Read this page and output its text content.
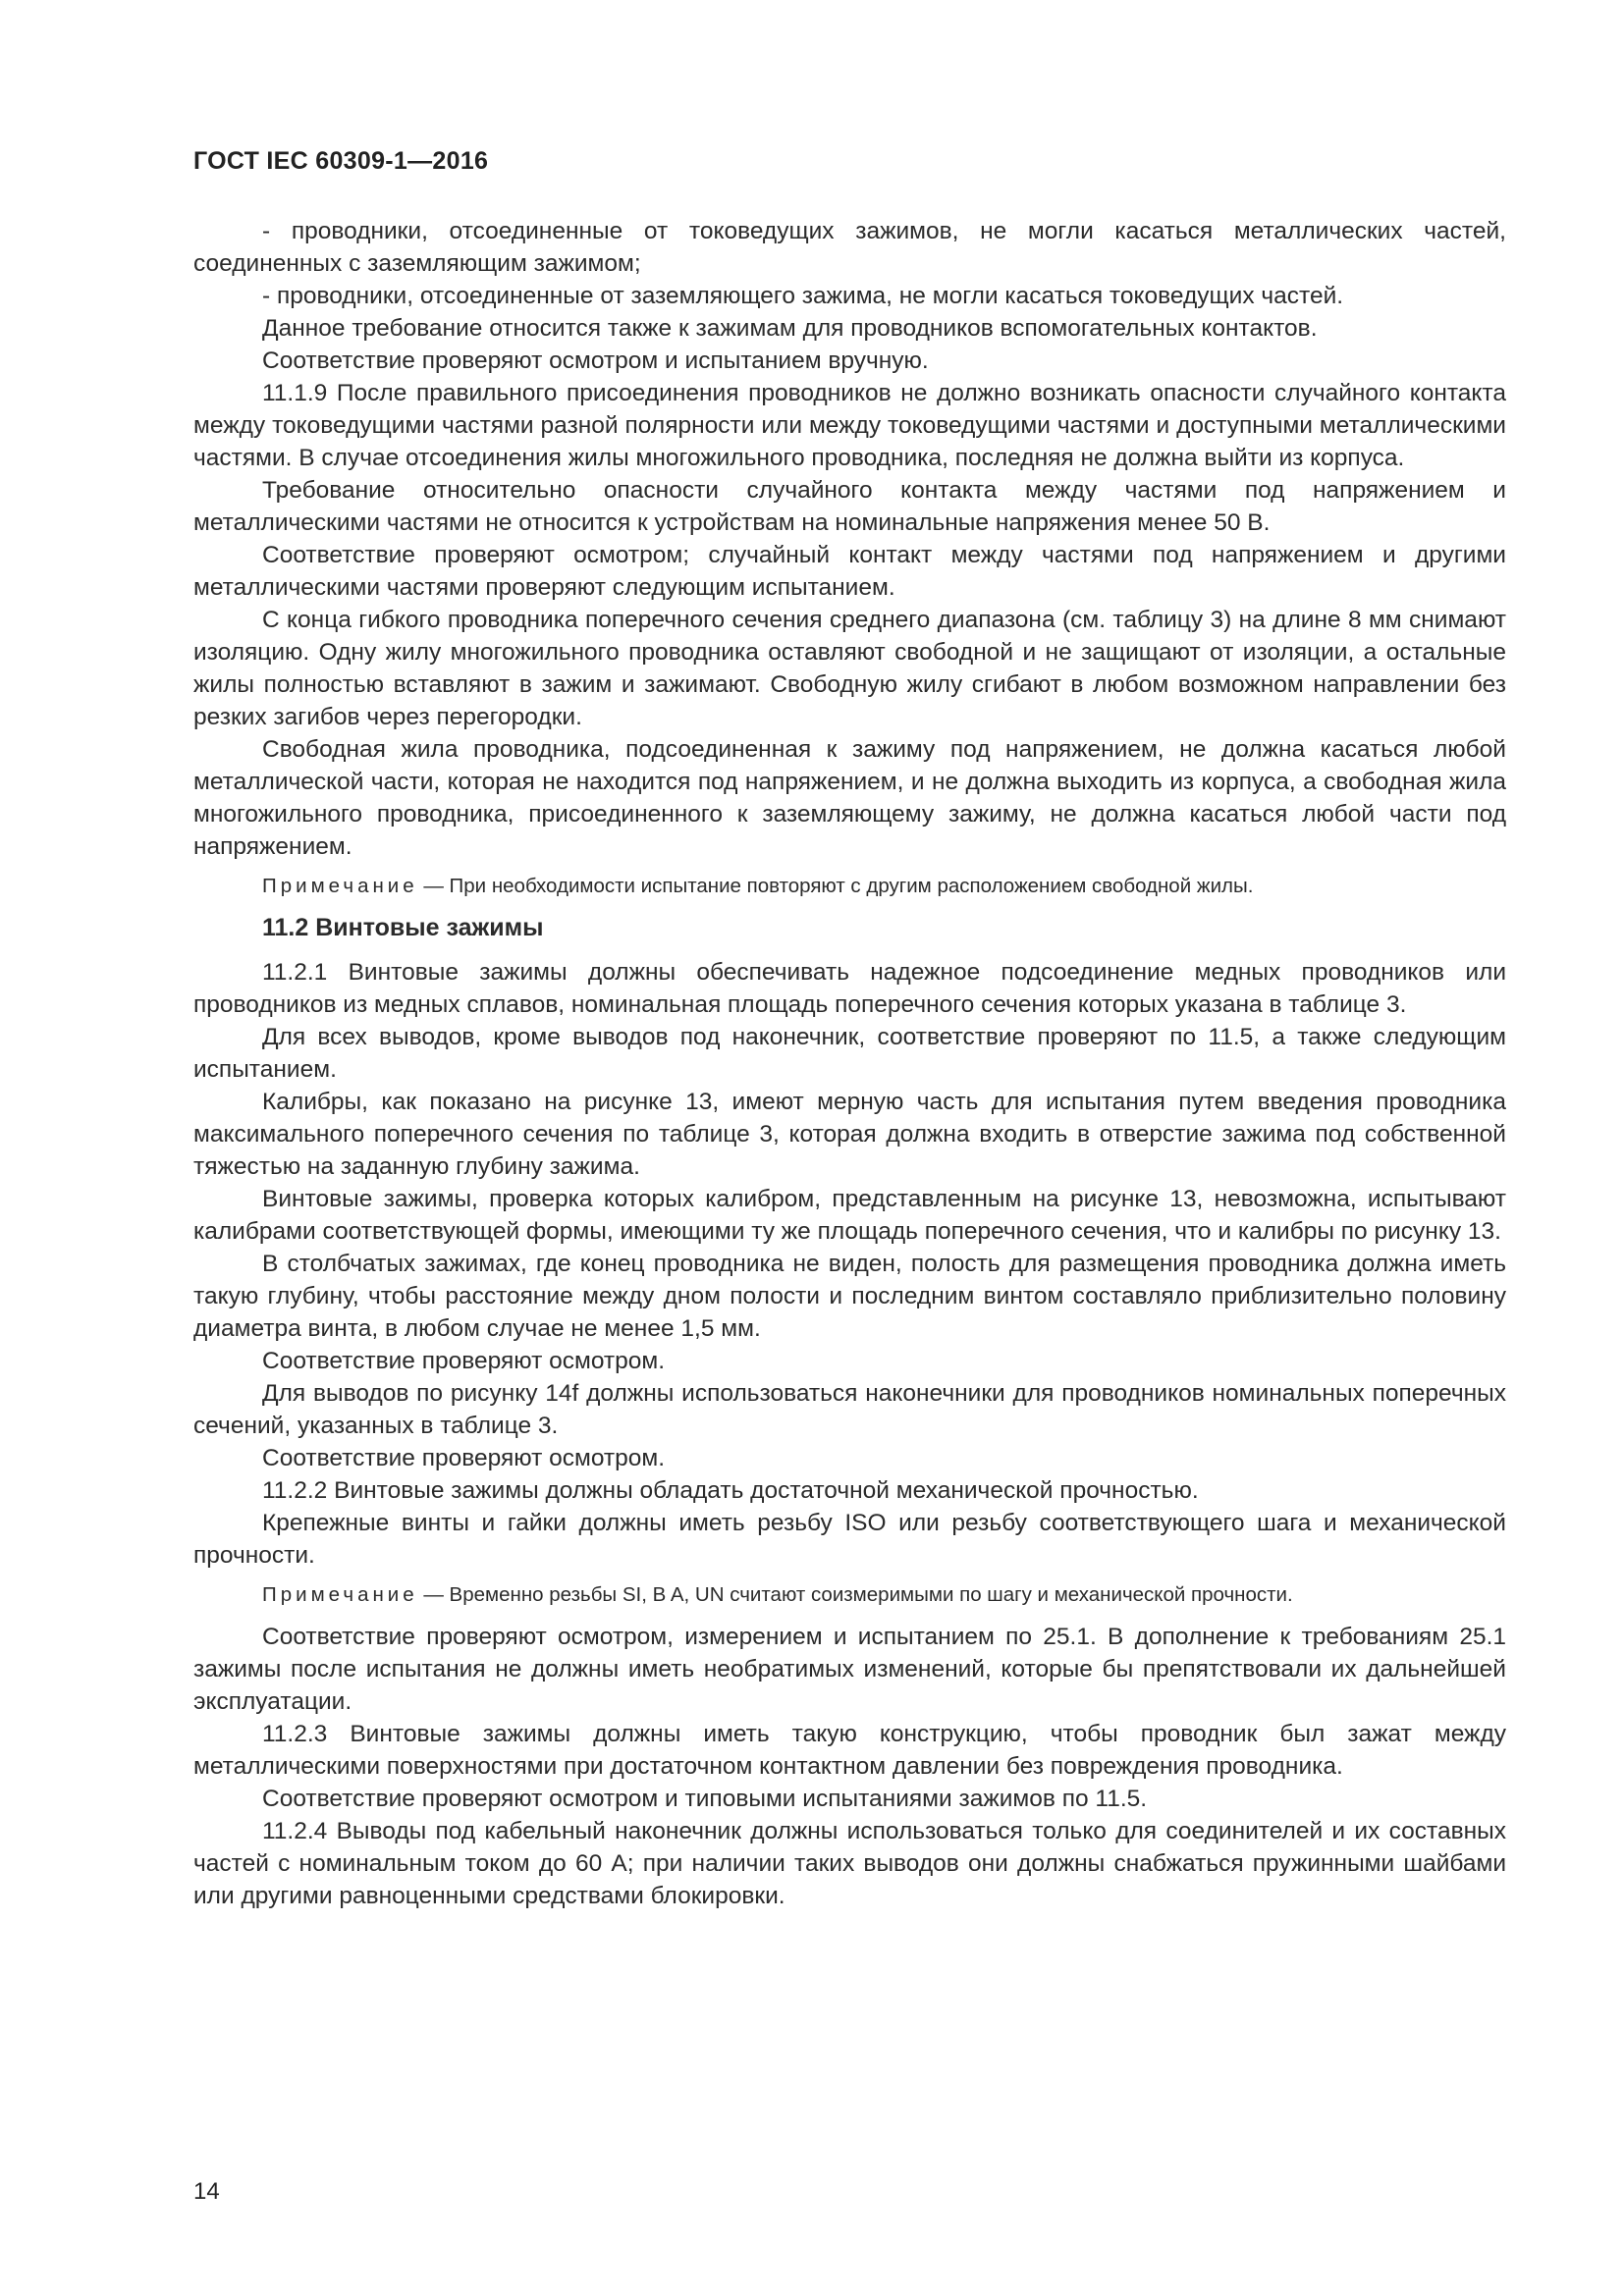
ГОСТ IEC 60309-1—2016

- проводники, отсоединенные от токоведущих зажимов, не могли касаться металлических частей, соединенных с заземляющим зажимом;

- проводники, отсоединенные от заземляющего зажима, не могли касаться токоведущих частей.

Данное требование относится также к зажимам для проводников вспомогательных контактов.

Соответствие проверяют осмотром и испытанием вручную.

11.1.9 После правильного присоединения проводников не должно возникать опасности случайного контакта между токоведущими частями разной полярности или между токоведущими частями и доступными металлическими частями. В случае отсоединения жилы многожильного проводника, последняя не должна выйти из корпуса.

Требование относительно опасности случайного контакта между частями под напряжением и металлическими частями не относится к устройствам на номинальные напряжения менее 50 В.

Соответствие проверяют осмотром; случайный контакт между частями под напряжением и другими металлическими частями проверяют следующим испытанием.

С конца гибкого проводника поперечного сечения среднего диапазона (см. таблицу 3) на длине 8 мм снимают изоляцию. Одну жилу многожильного проводника оставляют свободной и не защищают от изоляции, а остальные жилы полностью вставляют в зажим и зажимают. Свободную жилу сгибают в любом возможном направлении без резких загибов через перегородки.

Свободная жила проводника, подсоединенная к зажиму под напряжением, не должна касаться любой металлической части, которая не находится под напряжением, и не должна выходить из корпуса, а свободная жила многожильного проводника, присоединенного к заземляющему зажиму, не должна касаться любой части под напряжением.

Примечание — При необходимости испытание повторяют с другим расположением свободной жилы.

11.2 Винтовые зажимы

11.2.1 Винтовые зажимы должны обеспечивать надежное подсоединение медных проводников или проводников из медных сплавов, номинальная площадь поперечного сечения которых указана в таблице 3.

Для всех выводов, кроме выводов под наконечник, соответствие проверяют по 11.5, а также следующим испытанием.

Калибры, как показано на рисунке 13, имеют мерную часть для испытания путем введения проводника максимального поперечного сечения по таблице 3, которая должна входить в отверстие зажима под собственной тяжестью на заданную глубину зажима.

Винтовые зажимы, проверка которых калибром, представленным на рисунке 13, невозможна, испытывают калибрами соответствующей формы, имеющими ту же площадь поперечного сечения, что и калибры по рисунку 13.

В столбчатых зажимах, где конец проводника не виден, полость для размещения проводника должна иметь такую глубину, чтобы расстояние между дном полости и последним винтом составляло приблизительно половину диаметра винта, в любом случае не менее 1,5 мм.

Соответствие проверяют осмотром.

Для выводов по рисунку 14f должны использоваться наконечники для проводников номинальных поперечных сечений, указанных в таблице 3.

Соответствие проверяют осмотром.

11.2.2 Винтовые зажимы должны обладать достаточной механической прочностью.

Крепежные винты и гайки должны иметь резьбу ISO или резьбу соответствующего шага и механической прочности.

Примечание — Временно резьбы SI, B A, UN считают соизмеримыми по шагу и механической прочности.

Соответствие проверяют осмотром, измерением и испытанием по 25.1. В дополнение к требованиям 25.1 зажимы после испытания не должны иметь необратимых изменений, которые бы препятствовали их дальнейшей эксплуатации.

11.2.3 Винтовые зажимы должны иметь такую конструкцию, чтобы проводник был зажат между металлическими поверхностями при достаточном контактном давлении без повреждения проводника.

Соответствие проверяют осмотром и типовыми испытаниями зажимов по 11.5.

11.2.4 Выводы под кабельный наконечник должны использоваться только для соединителей и их составных частей с номинальным током до 60 А; при наличии таких выводов они должны снабжаться пружинными шайбами или другими равноценными средствами блокировки.

14
